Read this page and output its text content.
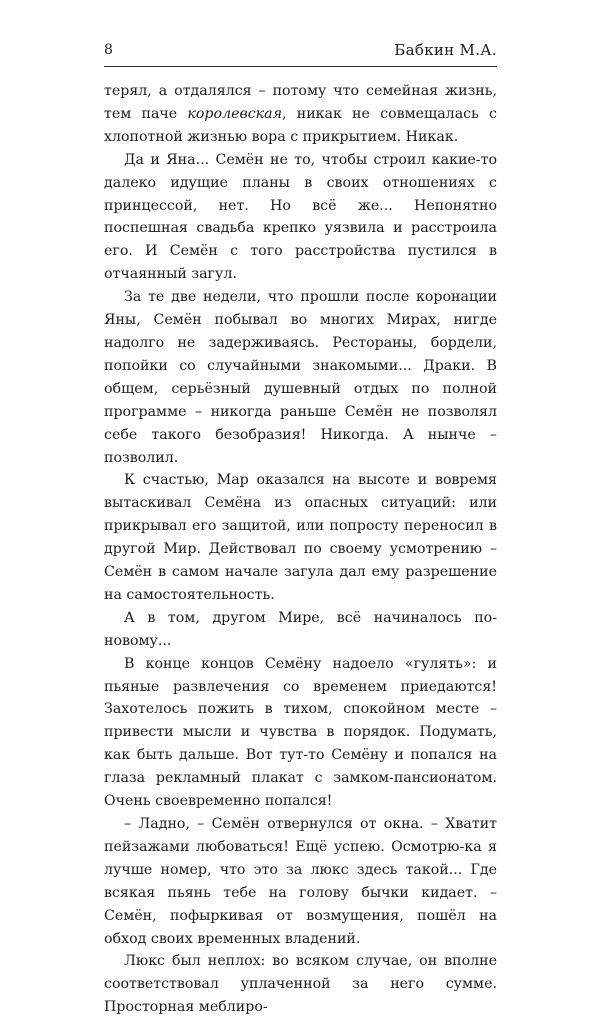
8	Бабкин М.А.

терял, а отдалялся – потому что семейная жизнь, тем паче королевская, никак не совмещалась с хлопотной жизнью вора с прикрытием. Никак.

Да и Яна... Семён не то, чтобы строил какие-то далеко идущие планы в своих отношениях с принцессой, нет. Но всё же... Непонятно поспешная свадьба крепко уязвила и расстроила его. И Семён с того расстройства пустился в отчаянный загул.

За те две недели, что прошли после коронации Яны, Семён побывал во многих Мирах, нигде надолго не задерживаясь. Рестораны, бордели, попойки со случайными знакомыми... Драки. В общем, серьёзный душевный отдых по полной программе – никогда раньше Семён не позволял себе такого безобразия! Никогда. А нынче – позволил.

К счастью, Мар оказался на высоте и вовремя вытаскивал Семёна из опасных ситуаций: или прикрывал его защитой, или попросту переносил в другой Мир. Действовал по своему усмотрению – Семён в самом начале загула дал ему разрешение на самостоятельность.

А в том, другом Мире, всё начиналось по-новому...

В конце концов Семёну надоело «гулять»: и пьяные развлечения со временем приедаются! Захотелось пожить в тихом, спокойном месте – привести мысли и чувства в порядок. Подумать, как быть дальше. Вот тут-то Семёну и попался на глаза рекламный плакат с замком-пансионатом. Очень своевременно попался!

– Ладно, – Семён отвернулся от окна. – Хватит пейзажами любоваться! Ещё успею. Осмотрю-ка я лучше номер, что это за люкс здесь такой... Где всякая пьянь тебе на голову бычки кидает. – Семён, пофыркивая от возмущения, пошёл на обход своих временных владений.

Люкс был неплох: во всяком случае, он вполне соответствовал уплаченной за него сумме. Просторная меблиро-
